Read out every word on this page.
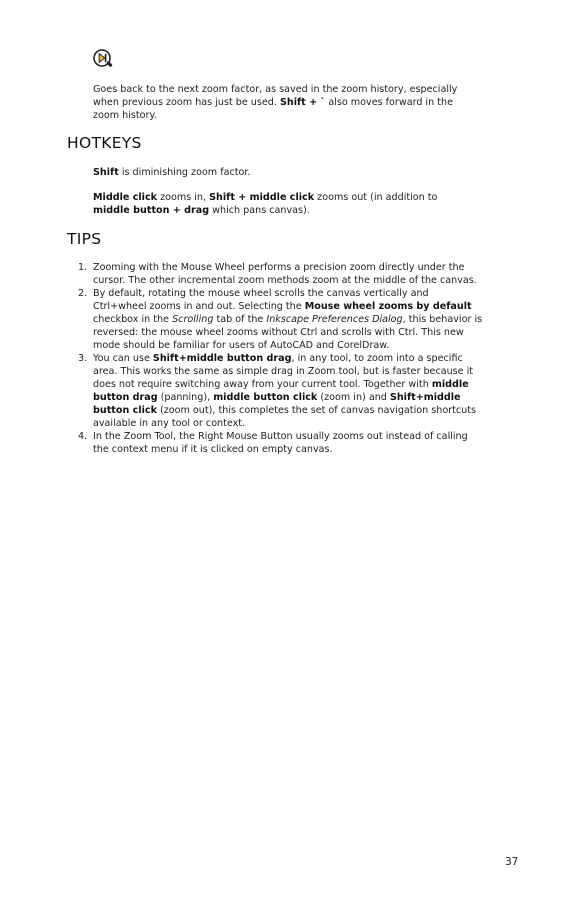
Goes back to the next zoom factor, as saved in the zoom history, especially when previous zoom has just be used. Shift + ` also moves forward in the zoom history.

HOTKEYS

Shift is diminishing zoom factor.

Middle click zooms in, Shift + middle click zooms out (in addition to middle button + drag which pans canvas).

TIPS
1. Zooming with the Mouse Wheel performs a precision zoom directly under the cursor. The other incremental zoom methods zoom at the middle of the canvas.
2. By default, rotating the mouse wheel scrolls the canvas vertically and Ctrl+wheel zooms in and out. Selecting the Mouse wheel zooms by default checkbox in the Scrolling tab of the Inkscape Preferences Dialog, this behavior is reversed: the mouse wheel zooms without Ctrl and scrolls with Ctrl. This new mode should be familiar for users of AutoCAD and CorelDraw.
3. You can use Shift+middle button drag, in any tool, to zoom into a specific area. This works the same as simple drag in Zoom tool, but is faster because it does not require switching away from your current tool. Together with middle button drag (panning), middle button click (zoom in) and Shift+middle button click (zoom out), this completes the set of canvas navigation shortcuts available in any tool or context.
4. In the Zoom Tool, the Right Mouse Button usually zooms out instead of calling the context menu if it is clicked on empty canvas.
37
